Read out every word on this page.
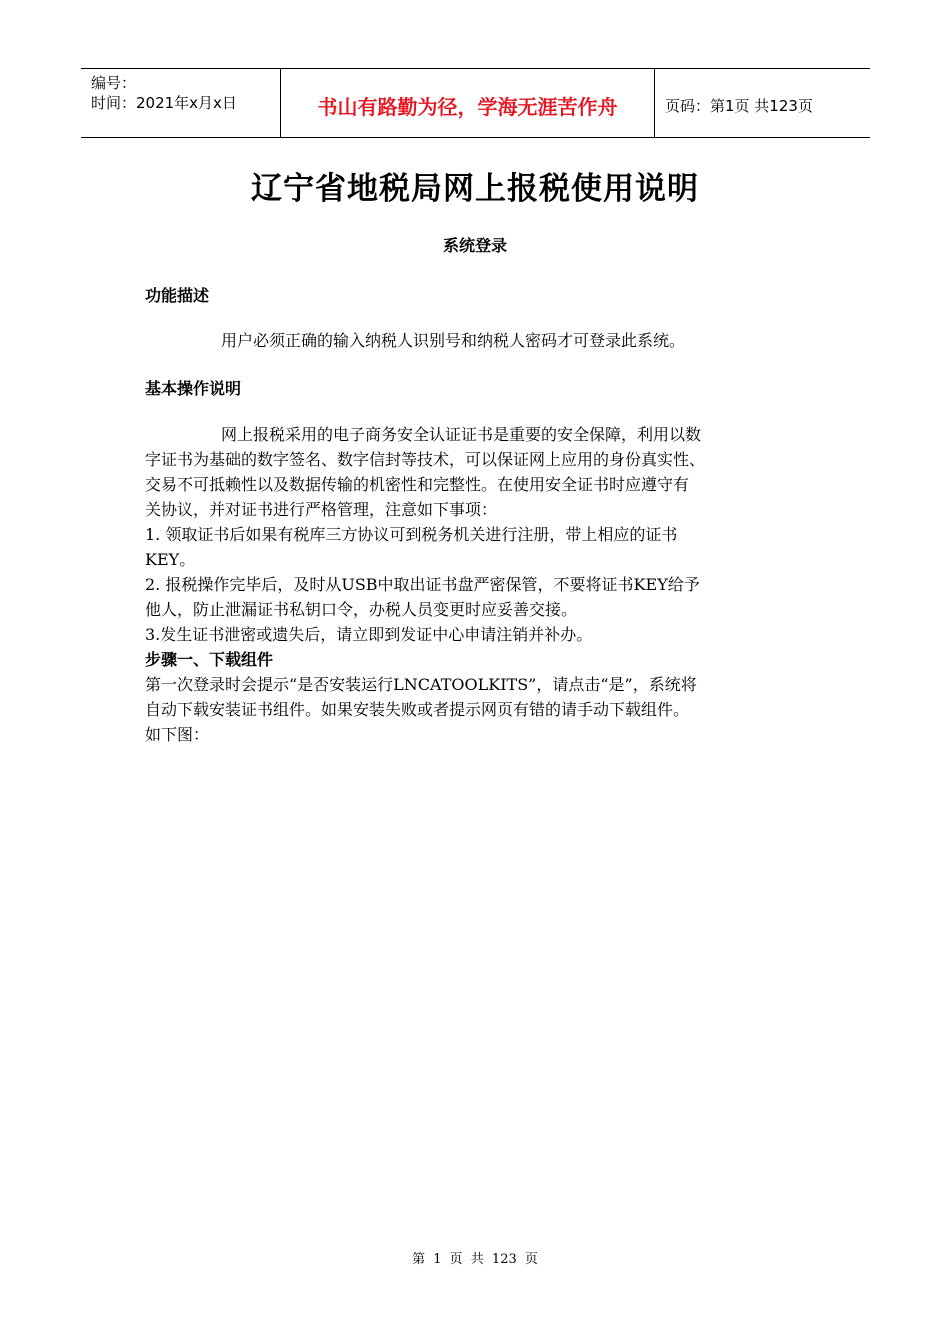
编号：
时间：2021年x月x日	书山有路勤为径，学海无涯苦作舟	页码：第1页 共123页
辽宁省地税局网上报税使用说明
系统登录
功能描述
用户必须正确的输入纳税人识别号和纳税人密码才可登录此系统。
基本操作说明
网上报税采用的电子商务安全认证证书是重要的安全保障，利用以数
字证书为基础的数字签名、数字信封等技术，可以保证网上应用的身份真实性、
交易不可抵赖性以及数据传输的机密性和完整性。在使用安全证书时应遵守有
关协议，并对证书进行严格管理，注意如下事项：
1. 领取证书后如果有税库三方协议可到税务机关进行注册，带上相应的证书
KEY。
2. 报税操作完毕后，及时从USB中取出证书盘严密保管，不要将证书KEY给予
他人，防止泄漏证书私钥口令，办税人员变更时应妥善交接。
3.发生证书泄密或遗失后，请立即到发证中心申请注销并补办。
步骤一、下载组件
第一次登录时会提示“是否安装运行LNCATOOLKITS”，请点击“是”，系统将
自动下载安装证书组件。如果安装失败或者提示网页有错的请手动下载组件。
如下图：
第 1 页 共 123 页
